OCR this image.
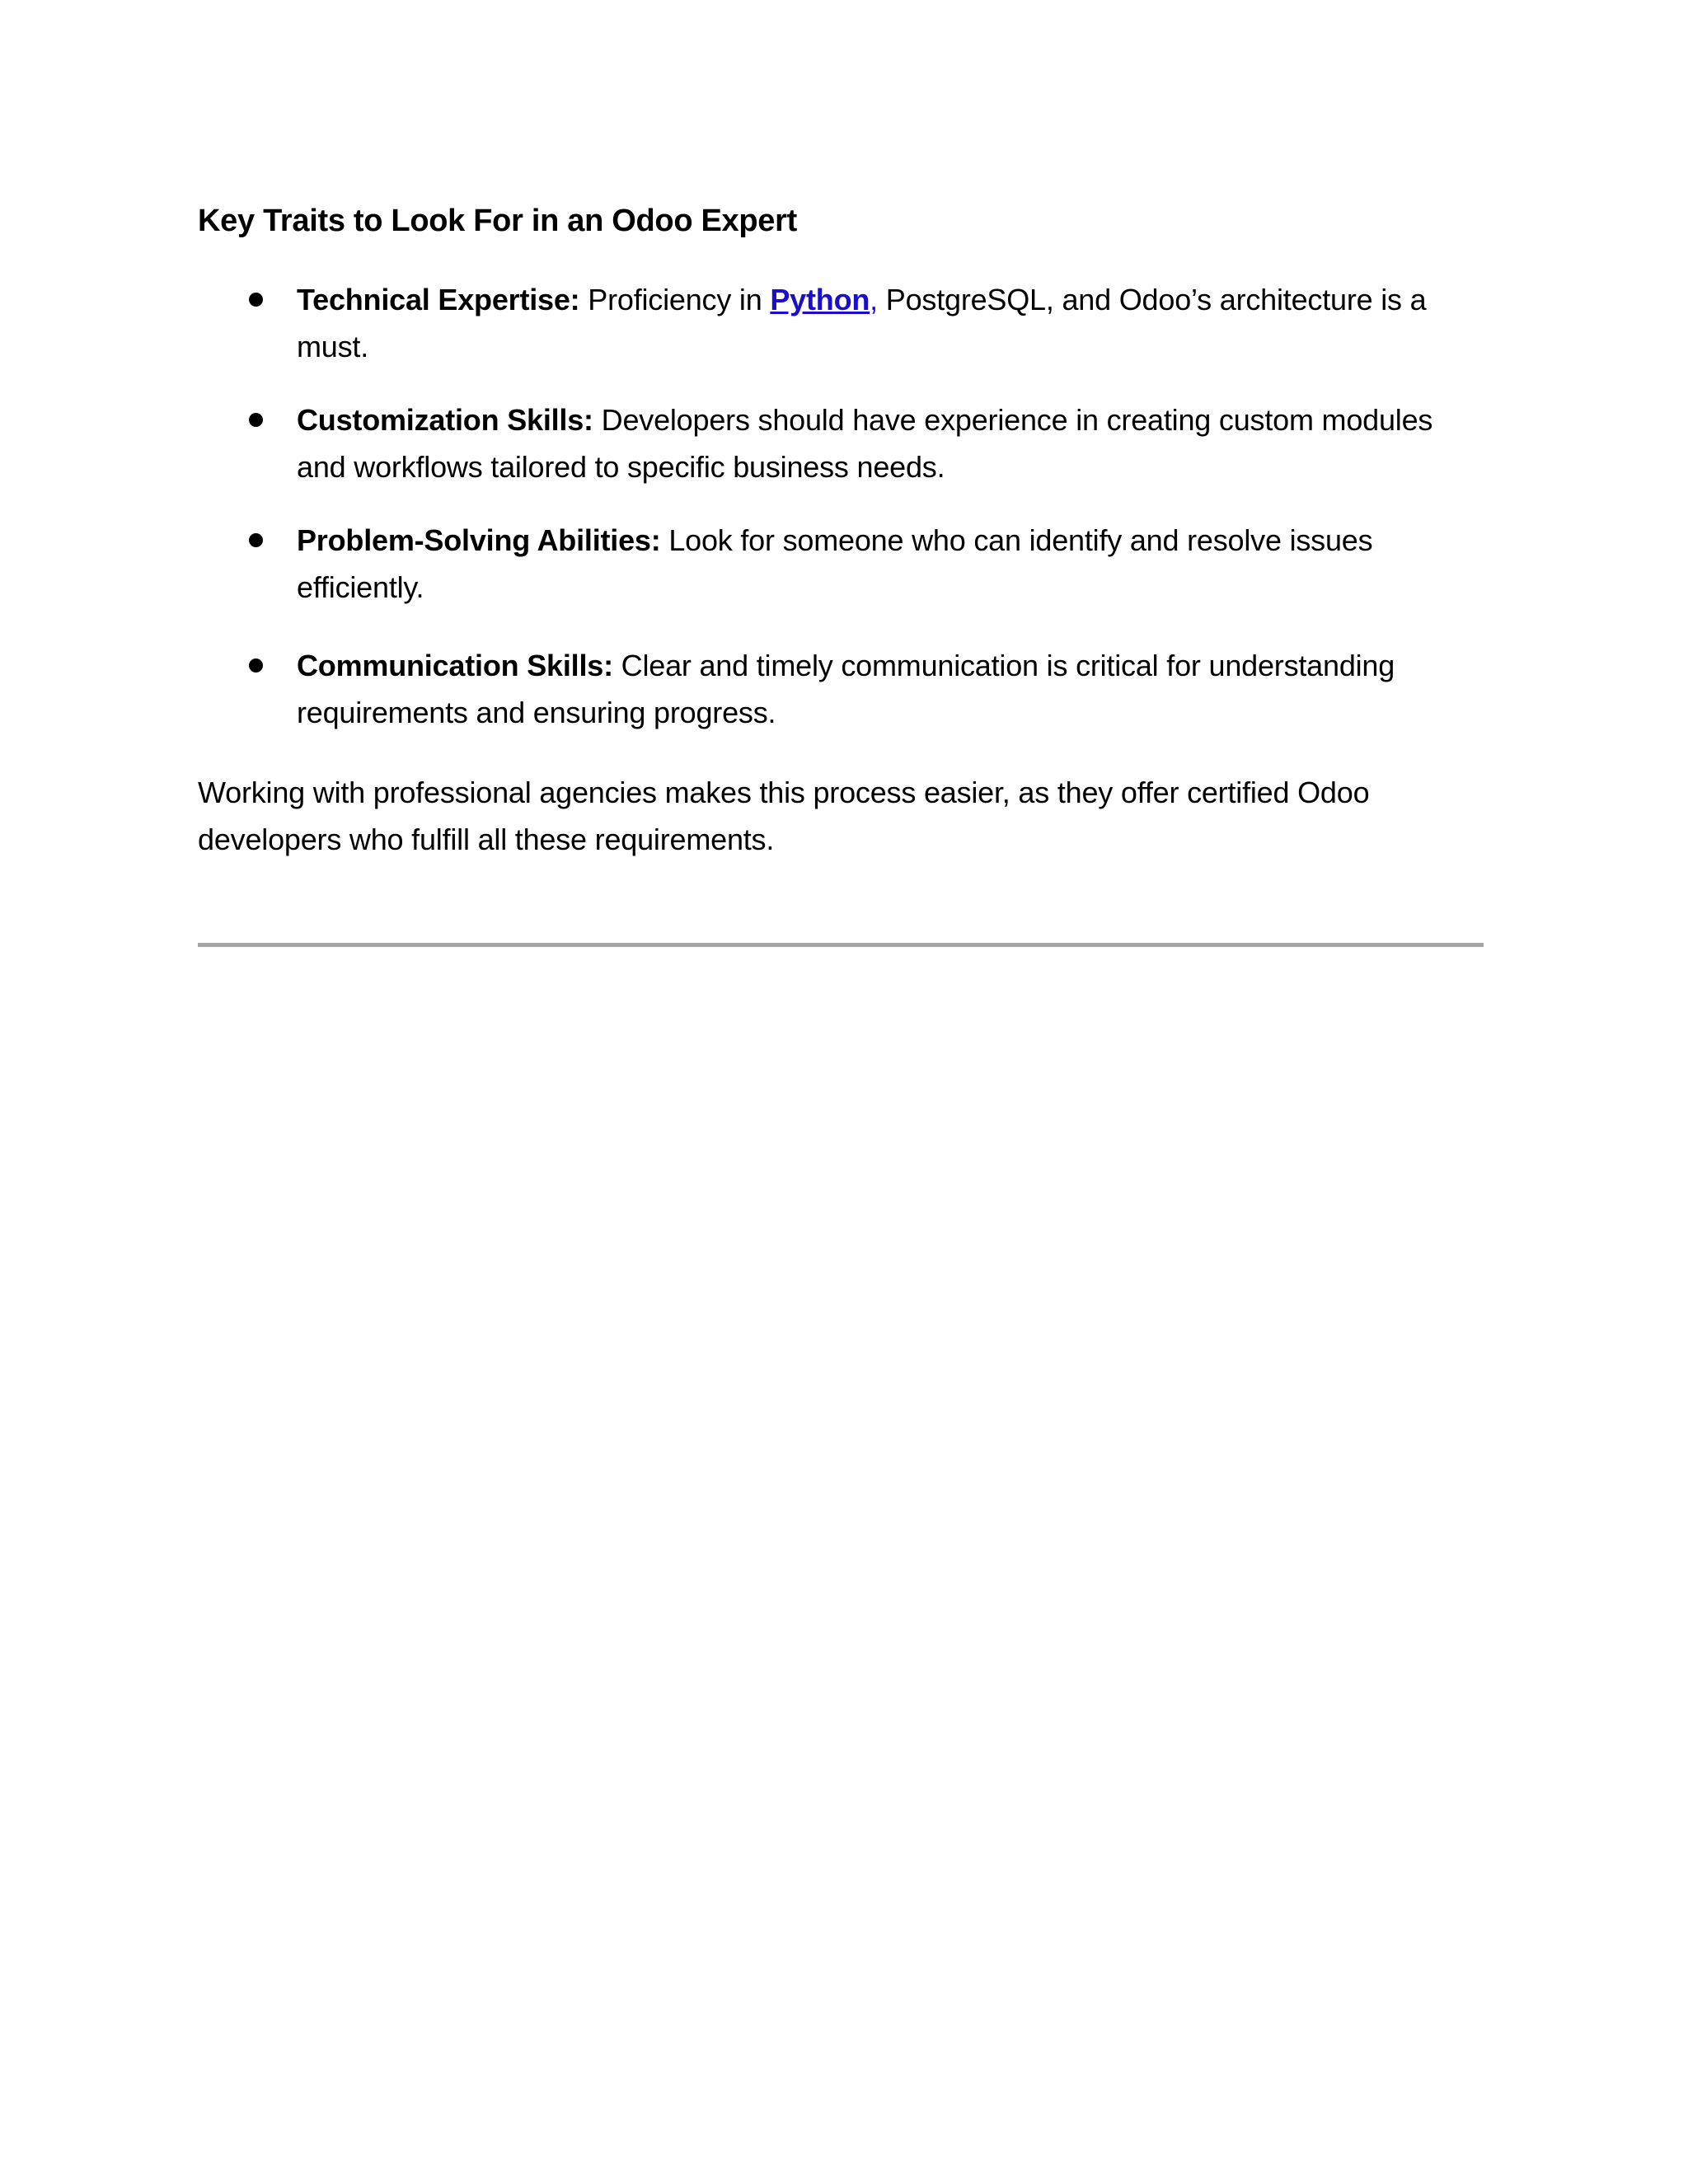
Key Traits to Look For in an Odoo Expert
Technical Expertise: Proficiency in Python, PostgreSQL, and Odoo’s architecture is a must.
Customization Skills: Developers should have experience in creating custom modules and workflows tailored to specific business needs.
Problem-Solving Abilities: Look for someone who can identify and resolve issues efficiently.
Communication Skills: Clear and timely communication is critical for understanding requirements and ensuring progress.

Working with professional agencies makes this process easier, as they offer certified Odoo developers who fulfill all these requirements.
